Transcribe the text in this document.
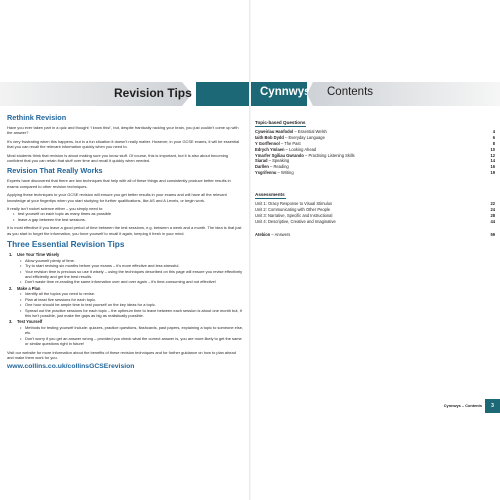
Revision Tips
Rethink Revision

Have you ever taken part in a quiz and thought ‘I know this!’, but, despite frantically racking your brain, you just couldn’t come up with the answer?

It’s very frustrating when this happens, but in a fun situation it doesn’t really matter. However, in your GCSE exams, it will be essential that you can recall the relevant information quickly when you need to.

Most students think that revision is about making sure you know stuff. Of course, this is important, but it is also about becoming confident that you can retain that stuff over time and recall it quickly when needed.

Revision That Really Works

Experts have discovered that there are two techniques that help with all of these things and consistently produce better results in exams compared to other revision techniques.

Applying these techniques to your GCSE revision will ensure you get better results in your exams and will have all the relevant knowledge at your fingertips when you start studying for further qualifications, like AS and A Levels, or begin work.

It really isn’t rocket science either – you simply need to:

• test yourself on each topic as many times as possible
• leave a gap between the test sessions.

It is most effective if you leave a good period of time between the test sessions, e.g. between a week and a month. The idea is that just as you start to forget the information, you force yourself to recall it again, keeping it fresh in your mind.

Three Essential Revision Tips
1. Use Your Time Wisely
• Allow yourself plenty of time.
• Try to start revising six months before your exams – it’s more effective and less stressful.
• Your revision time is precious so use it wisely – using the techniques described on this page will ensure you revise effectively and efficiently and get the best results.
• Don’t waste time re-reading the same information over and over again – it’s time-consuming and not effective!
2. Make a Plan
• Identify all the topics you need to revise.
• Plan at least five sessions for each topic.
• One hour should be ample time to test yourself on the key ideas for a topic.
• Spread out the practice sessions for each topic – the optimum time to leave between each session is about one month but, if this isn’t possible, just make the gaps as big as realistically possible.
3. Test Yourself
• Methods for testing yourself include: quizzes, practice questions, flashcards, past papers, explaining a topic to someone else, etc.
• Don’t worry if you get an answer wrong – provided you check what the correct answer is, you are more likely to get the same or similar questions right in future!

Visit our website for more information about the benefits of these revision techniques and for further guidance on how to plan ahead and make them work for you.

www.collins.co.uk/collinsGCSErevision
Cynnwys Contents
Topic-based Questions
Cyweiriau Hanfodol – Essential Welsh	4
Iaith Bob Dydd – Everyday Language	6
Y Gorffennol – The Past	8
Edrych Ymlaen – Looking Ahead	10
Ymarfer Sgiliau Gwrando – Practising Listening Skills	12
Siarad – Speaking	14
Darllen – Reading	16
Ysgrifennu – Writing	19
Assessments
Unit 1: Oracy Response to Visual Stimulus	22
Unit 2: Communicating with Other People	24
Unit 3: Narrative, Specific and Instructional	28
Unit 4: Descriptive, Creative and Imaginative	44
Atebion – Answers	59
Cynnwys – Contents	3
